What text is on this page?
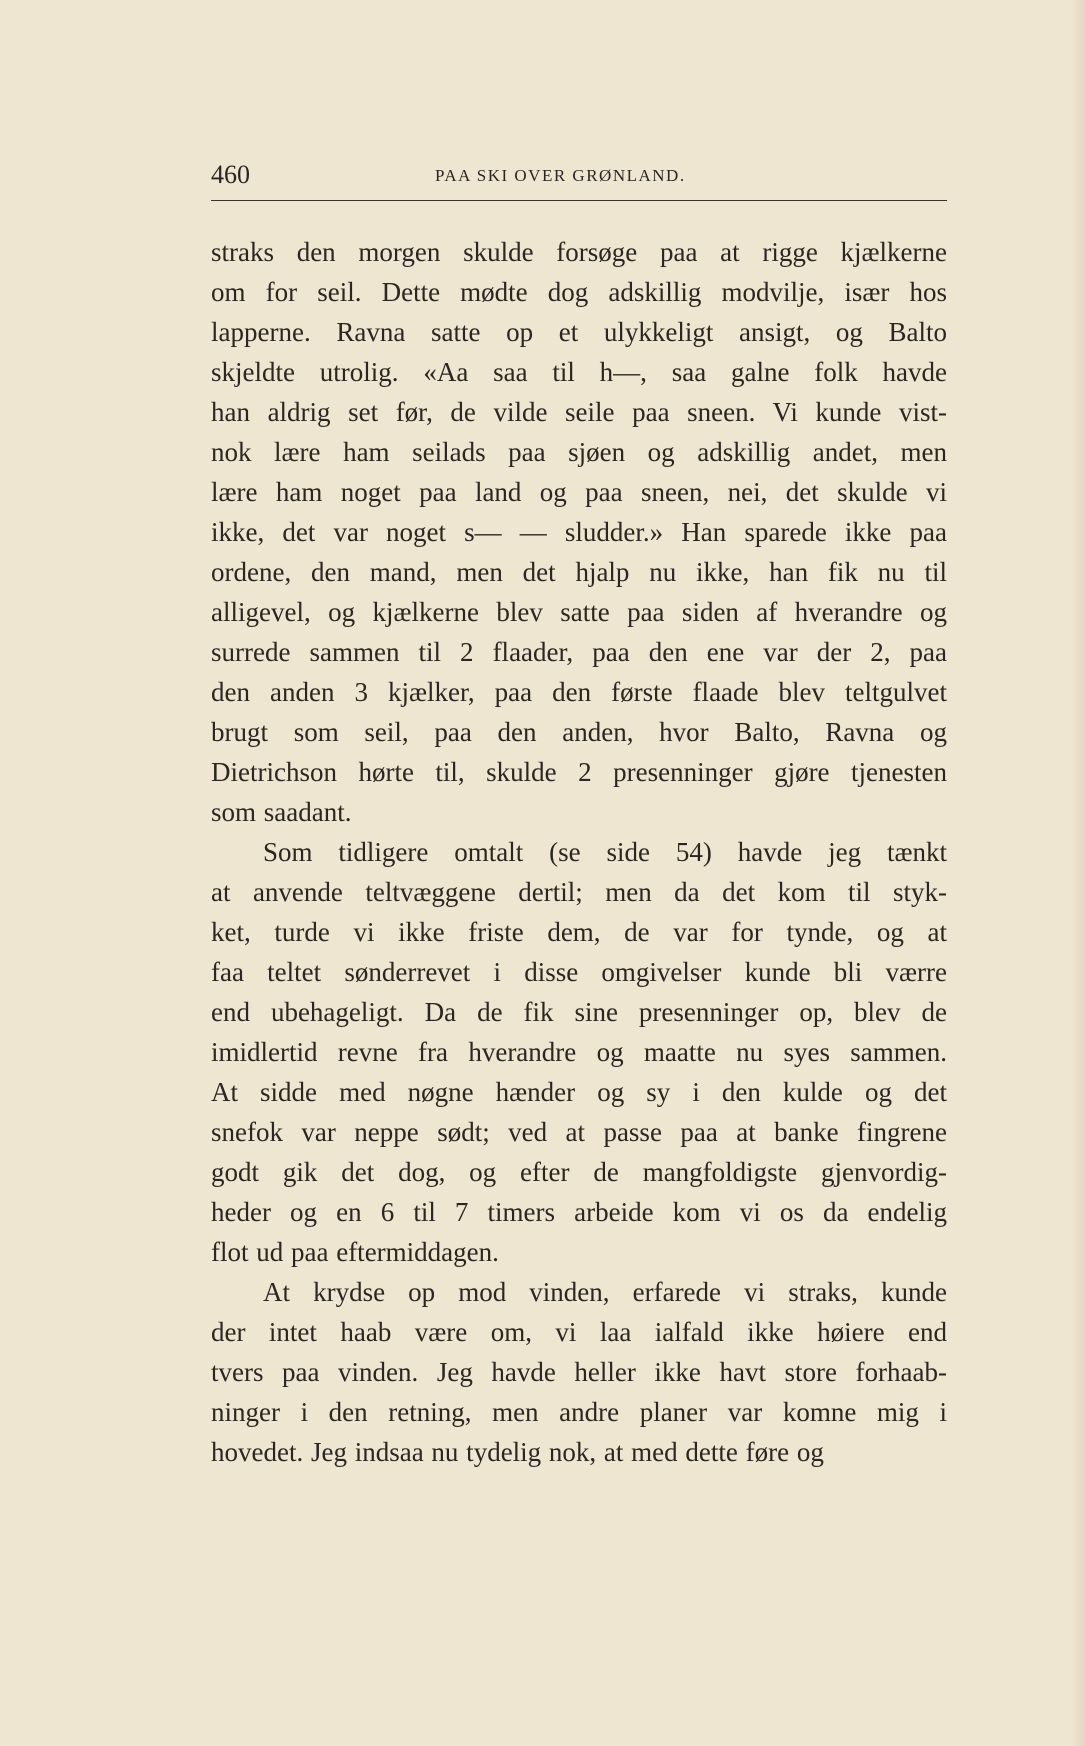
460	PAA SKI OVER GRØNLAND.
straks den morgen skulde forsøge paa at rigge kjælkerne
om for seil. Dette mødte dog adskillig modvilje, især hos
lapperne. Ravna satte op et ulykkeligt ansigt, og Balto
skjeldte utrolig. «Aa saa til h—, saa galne folk havde
han aldrig set før, de vilde seile paa sneen. Vi kunde vist-
nok lære ham seilads paa sjøen og adskillig andet, men
lære ham noget paa land og paa sneen, nei, det skulde vi
ikke, det var noget s— — sludder.» Han sparede ikke paa
ordene, den mand, men det hjalp nu ikke, han fik nu til
alligevel, og kjælkerne blev satte paa siden af hverandre og
surrede sammen til 2 flaader, paa den ene var der 2, paa
den anden 3 kjælker, paa den første flaade blev teltgulvet
brugt som seil, paa den anden, hvor Balto, Ravna og
Dietrichson hørte til, skulde 2 presenninger gjøre tjenesten
som saadant.
Som tidligere omtalt (se side 54) havde jeg tænkt
at anvende teltvæggene dertil; men da det kom til styk-
ket, turde vi ikke friste dem, de var for tynde, og at
faa teltet sønderrevet i disse omgivelser kunde bli værre
end ubehageligt. Da de fik sine presenninger op, blev de
imidlertid revne fra hverandre og maatte nu syes sammen.
At sidde med nøgne hænder og sy i den kulde og det
snefok var neppe sødt; ved at passe paa at banke fingrene
godt gik det dog, og efter de mangfoldigste gjenvordig-
heder og en 6 til 7 timers arbeide kom vi os da endelig
flot ud paa eftermiddagen.
At krydse op mod vinden, erfarede vi straks, kunde
der intet haab være om, vi laa ialfald ikke høiere end
tvers paa vinden. Jeg havde heller ikke havt store forhaab-
ninger i den retning, men andre planer var komne mig i
hovedet. Jeg indsaa nu tydelig nok, at med dette føre og
